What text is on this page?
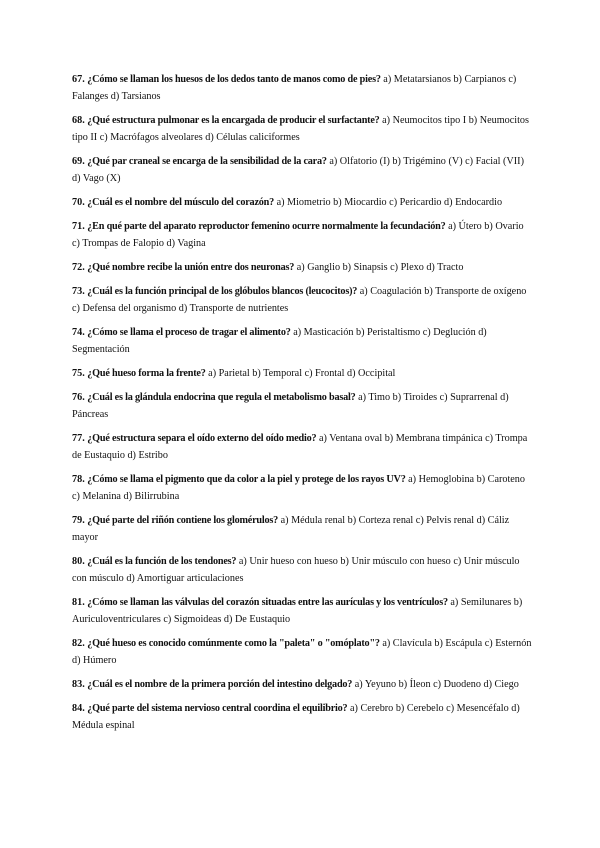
67. ¿Cómo se llaman los huesos de los dedos tanto de manos como de pies? a) Metatarsianos b) Carpianos c) Falanges d) Tarsianos

68. ¿Qué estructura pulmonar es la encargada de producir el surfactante? a) Neumocitos tipo I b) Neumocitos tipo II c) Macrófagos alveolares d) Células caliciformes

69. ¿Qué par craneal se encarga de la sensibilidad de la cara? a) Olfatorio (I) b) Trigémino (V) c) Facial (VII) d) Vago (X)

70. ¿Cuál es el nombre del músculo del corazón? a) Miometrio b) Miocardio c) Pericardio d) Endocardio

71. ¿En qué parte del aparato reproductor femenino ocurre normalmente la fecundación? a) Útero b) Ovario c) Trompas de Falopio d) Vagina

72. ¿Qué nombre recibe la unión entre dos neuronas? a) Ganglio b) Sinapsis c) Plexo d) Tracto

73. ¿Cuál es la función principal de los glóbulos blancos (leucocitos)? a) Coagulación b) Transporte de oxígeno c) Defensa del organismo d) Transporte de nutrientes

74. ¿Cómo se llama el proceso de tragar el alimento? a) Masticación b) Peristaltismo c) Deglución d) Segmentación

75. ¿Qué hueso forma la frente? a) Parietal b) Temporal c) Frontal d) Occipital

76. ¿Cuál es la glándula endocrina que regula el metabolismo basal? a) Timo b) Tiroides c) Suprarrenal d) Páncreas

77. ¿Qué estructura separa el oído externo del oído medio? a) Ventana oval b) Membrana timpánica c) Trompa de Eustaquio d) Estribo

78. ¿Cómo se llama el pigmento que da color a la piel y protege de los rayos UV? a) Hemoglobina b) Caroteno c) Melanina d) Bilirrubina

79. ¿Qué parte del riñón contiene los glomérulos? a) Médula renal b) Corteza renal c) Pelvis renal d) Cáliz mayor

80. ¿Cuál es la función de los tendones? a) Unir hueso con hueso b) Unir músculo con hueso c) Unir músculo con músculo d) Amortiguar articulaciones

81. ¿Cómo se llaman las válvulas del corazón situadas entre las aurículas y los ventrículos? a) Semilunares b) Auriculoventriculares c) Sigmoideas d) De Eustaquio

82. ¿Qué hueso es conocido comúnmente como la "paleta" o "omóplato"? a) Clavícula b) Escápula c) Esternón d) Húmero

83. ¿Cuál es el nombre de la primera porción del intestino delgado? a) Yeyuno b) Íleon c) Duodeno d) Ciego

84. ¿Qué parte del sistema nervioso central coordina el equilibrio? a) Cerebro b) Cerebelo c) Mesencéfalo d) Médula espinal
